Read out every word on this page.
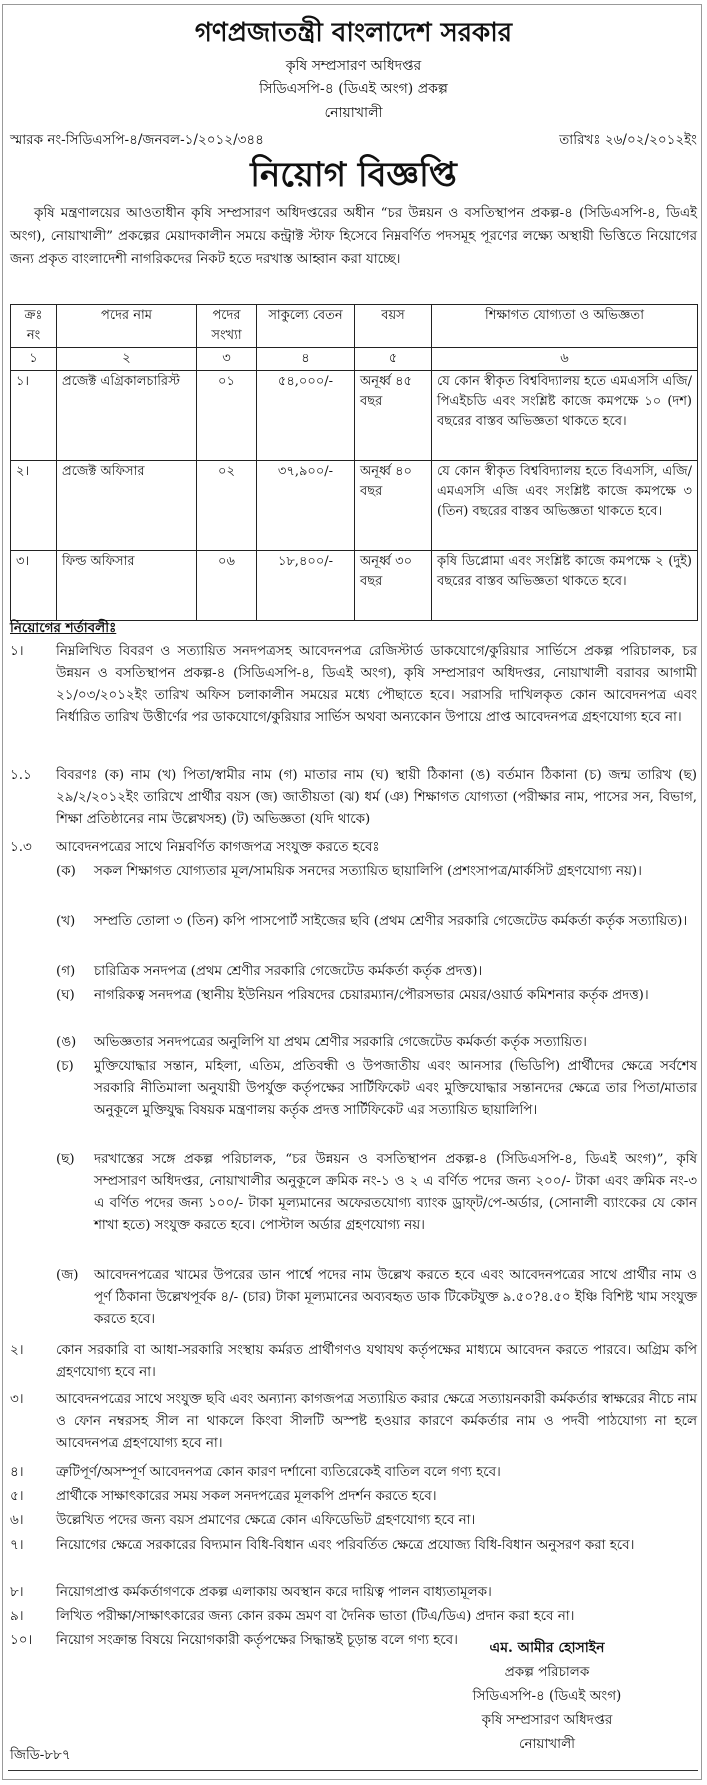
গণপ্রজাতন্ত্রী বাংলাদেশ সরকার
কৃষি সম্প্রসারণ অধিদপ্তর
সিডিএসপি-৪ (ডিএই অংগ) প্রকল্প
নোয়াখালী
স্মারক নং-সিডিএসপি-৪/জনবল-১/২০১২/৩৪৪	তারিখঃ ২৬/০২/২০১২ইং
নিয়োগ বিজ্ঞপ্তি
কৃষি মন্ত্রণালয়ের আওতাধীন কৃষি সম্প্রসারণ অধিদপ্তরের অধীন “চর উন্নয়ন ও বসতিস্থাপন প্রকল্প-৪ (সিডিএসপি-৪, ডিএই অংগ), নোয়াখালী” প্রকল্পের মেয়াদকালীন সময়ে কন্ট্রাক্ট স্টাফ হিসেবে নিম্নবর্ণিত পদসমূহ পূরণের লক্ষ্যে অস্থায়ী ভিত্তিতে নিয়োগের জন্য প্রকৃত বাংলাদেশী নাগরিকদের নিকট হতে দরখাস্ত আহ্বান করা যাচ্ছে।
ক্রঃ নং	পদের নাম	পদের সংখ্যা	সাকুল্যে বেতন	বয়স	শিক্ষাগত যোগ্যতা ও অভিজ্ঞতা
১	২	৩	৪	৫	৬
১।	প্রজেক্ট এগ্রিকালচারিস্ট	০১	৫৪,০০০/-	অনূর্ধ্ব ৪৫ বছর	যে কোন স্বীকৃত বিশ্ববিদ্যালয় হতে এমএসসি এজি/পিএইচডি এবং সংশ্লিষ্ট কাজে কমপক্ষে ১০ (দশ) বছরের বাস্তব অভিজ্ঞতা থাকতে হবে।
২।	প্রজেক্ট অফিসার	০২	৩৭,৯০০/-	অনূর্ধ্ব ৪০ বছর	যে কোন স্বীকৃত বিশ্ববিদ্যালয় হতে বিএসসি, এজি/এমএসসি এজি এবং সংশ্লিষ্ট কাজে কমপক্ষে ৩ (তিন) বছরের বাস্তব অভিজ্ঞতা থাকতে হবে।
৩।	ফিল্ড অফিসার	০৬	১৮,৪০০/-	অনূর্ধ্ব ৩০ বছর	কৃষি ডিপ্লোমা এবং সংশ্লিষ্ট কাজে কমপক্ষে ২ (দুই) বছরের বাস্তব অভিজ্ঞতা থাকতে হবে।
নিয়োগের শর্তাবলীঃ
১।	নিম্নলিখিত বিবরণ ও সত্যায়িত সনদপত্রসহ আবেদনপত্র রেজিস্টার্ড ডাকযোগে/কুরিয়ার সার্ভিসে প্রকল্প পরিচালক, চর উন্নয়ন ও বসতিস্থাপন প্রকল্প-৪ (সিডিএসপি-৪, ডিএই অংগ), কৃষি সম্প্রসারণ অধিদপ্তর, নোয়াখালী বরাবর আগামী ২১/০৩/২০১২ইং তারিখ অফিস চলাকালীন সময়ের মধ্যে পৌছাতে হবে। সরাসরি দাখিলকৃত কোন আবেদনপত্র এবং নির্ধারিত তারিখ উত্তীর্ণের পর ডাকযোগে/কুরিয়ার সার্ভিস অথবা অন্যকোন উপায়ে প্রাপ্ত আবেদনপত্র গ্রহণযোগ্য হবে না।
১.১	বিবরণঃ (ক) নাম (খ) পিতা/স্বামীর নাম (গ) মাতার নাম (ঘ) স্থায়ী ঠিকানা (ঙ) বর্তমান ঠিকানা (চ) জন্ম তারিখ (ছ) ২৯/২/২০১২ইং তারিখে প্রার্থীর বয়স (জ) জাতীয়তা (ঝ) ধর্ম (ঞ) শিক্ষাগত যোগ্যতা (পরীক্ষার নাম, পাসের সন, বিভাগ, শিক্ষা প্রতিষ্ঠানের নাম উল্লেখসহ) (ট) অভিজ্ঞতা (যদি থাকে)
১.৩	আবেদনপত্রের সাথে নিম্নবর্ণিত কাগজপত্র সংযুক্ত করতে হবেঃ
(ক)	সকল শিক্ষাগত যোগ্যতার মূল/সাময়িক সনদের সত্যায়িত ছায়ালিপি (প্রশংসাপত্র/মার্কসিট গ্রহণযোগ্য নয়)।
(খ)	সম্প্রতি তোলা ৩ (তিন) কপি পাসপোর্ট সাইজের ছবি (প্রথম শ্রেণীর সরকারি গেজেটেড কর্মকর্তা কর্তৃক সত্যায়িত)।
(গ)	চারিত্রিক সনদপত্র (প্রথম শ্রেণীর সরকারি গেজেটেড কর্মকর্তা কর্তৃক প্রদত্ত)।
(ঘ)	নাগরিকত্ব সনদপত্র (স্থানীয় ইউনিয়ন পরিষদের চেয়ারম্যান/পৌরসভার মেয়র/ওয়ার্ড কমিশনার কর্তৃক প্রদত্ত)।
(ঙ)	অভিজ্ঞতার সনদপত্রের অনুলিপি যা প্রথম শ্রেণীর সরকারি গেজেটেড কর্মকর্তা কর্তৃক সত্যায়িত।
(চ)	মুক্তিযোদ্ধার সন্তান, মহিলা, এতিম, প্রতিবন্ধী ও উপজাতীয় এবং আনসার (ভিডিপি) প্রার্থীদের ক্ষেত্রে সর্বশেষ সরকারি নীতিমালা অনুযায়ী উপর্যুক্ত কর্তৃপক্ষের সার্টিফিকেট এবং মুক্তিযোদ্ধার সন্তানদের ক্ষেত্রে তার পিতা/মাতার অনুকূলে মুক্তিযুদ্ধ বিষয়ক মন্ত্রণালয় কর্তৃক প্রদত্ত সার্টিফিকেট এর সত্যায়িত ছায়ালিপি।
(ছ)	দরখাস্তের সঙ্গে প্রকল্প পরিচালক, “চর উন্নয়ন ও বসতিস্থাপন প্রকল্প-৪ (সিডিএসপি-৪, ডিএই অংগ)”, কৃষি সম্প্রসারণ অধিদপ্তর, নোয়াখালীর অনুকূলে ক্রমিক নং-১ ও ২ এ বর্ণিত পদের জন্য ২০০/- টাকা এবং ক্রমিক নং-৩ এ বর্ণিত পদের জন্য ১০০/- টাকা মূল্যমানের অফেরতযোগ্য ব্যাংক ড্রাফ্‌ট/পে-অর্ডার, (সোনালী ব্যাংকের যে কোন শাখা হতে) সংযুক্ত করতে হবে। পোস্টাল অর্ডার গ্রহণযোগ্য নয়।
(জ)	আবেদনপত্রের খামের উপরের ডান পার্শ্বে পদের নাম উল্লেখ করতে হবে এবং আবেদনপত্রের সাথে প্রার্থীর নাম ও পূর্ণ ঠিকানা উল্লেখপূর্বক ৪/- (চার) টাকা মূল্যমানের অব্যবহৃত ডাক টিকেটযুক্ত ৯.৫০?৪.৫০ ইঞ্চি বিশিষ্ট খাম সংযুক্ত করতে হবে।
২।	কোন সরকারি বা আধা-সরকারি সংস্থায় কর্মরত প্রার্থীগণও যথাযথ কর্তৃপক্ষের মাধ্যমে আবেদন করতে পারবে। অগ্রিম কপি গ্রহণযোগ্য হবে না।
৩।	আবেদনপত্রের সাথে সংযুক্ত ছবি এবং অন্যান্য কাগজপত্র সত্যায়িত করার ক্ষেত্রে সত্যায়নকারী কর্মকর্তার স্বাক্ষরের নীচে নাম ও ফোন নম্বরসহ সীল না থাকলে কিংবা সীলটি অস্পষ্ট হওয়ার কারণে কর্মকর্তার নাম ও পদবী পাঠযোগ্য না হলে আবেদনপত্র গ্রহণযোগ্য হবে না।
৪।	ত্রুটিপূর্ণ/অসম্পূর্ণ আবেদনপত্র কোন কারণ দর্শানো ব্যতিরেকেই বাতিল বলে গণ্য হবে।
৫।	প্রার্থীকে সাক্ষাৎকারের সময় সকল সনদপত্রের মূলকপি প্রদর্শন করতে হবে।
৬।	উল্লেখিত পদের জন্য বয়স প্রমাণের ক্ষেত্রে কোন এফিডেভিট গ্রহণযোগ্য হবে না।
৭।	নিয়োগের ক্ষেত্রে সরকারের বিদ্যমান বিধি-বিধান এবং পরিবর্তিত ক্ষেত্রে প্রযোজ্য বিধি-বিধান অনুসরণ করা হবে।
৮।	নিয়োগপ্রাপ্ত কর্মকর্তাগণকে প্রকল্প এলাকায় অবস্থান করে দায়িত্ব পালন বাধ্যতামূলক।
৯।	লিখিত পরীক্ষা/সাক্ষাৎকারের জন্য কোন রকম ভ্রমণ বা দৈনিক ভাতা (টিএ/ডিএ) প্রদান করা হবে না।
১০।	নিয়োগ সংক্রান্ত বিষয়ে নিয়োগকারী কর্তৃপক্ষের সিদ্ধান্তই চূড়ান্ত বলে গণ্য হবে।	এম. আমীর হোসাইন
প্রকল্প পরিচালক
সিডিএসপি-৪ (ডিএই অংগ)
কৃষি সম্প্রসারণ অধিদপ্তর
নোয়াখালী
জিডি-৮৮৭
